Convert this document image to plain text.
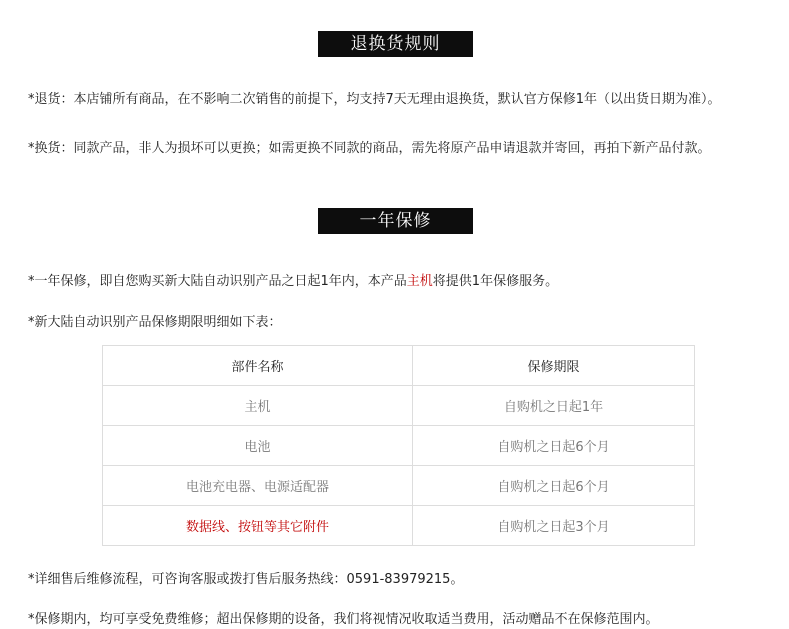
退换货规则
*退货：本店铺所有商品，在不影响二次销售的前提下，均支持7天无理由退换货，默认官方保修1年（以出货日期为准）。
*换货：同款产品，非人为损坏可以更换；如需更换不同款的商品，需先将原产品申请退款并寄回，再拍下新产品付款。
一年保修
*一年保修，即自您购买新大陆自动识别产品之日起1年内，本产品主机将提供1年保修服务。
*新大陆自动识别产品保修期限明细如下表：
部件名称	保修期限
主机	自购机之日起1年
电池	自购机之日起6个月
电池充电器、电源适配器	自购机之日起6个月
数据线、按钮等其它附件	自购机之日起3个月
*详细售后维修流程，可咨询客服或拨打售后服务热线：0591-83979215。
*保修期内，均可享受免费维修；超出保修期的设备，我们将视情况收取适当费用，活动赠品不在保修范围内。
